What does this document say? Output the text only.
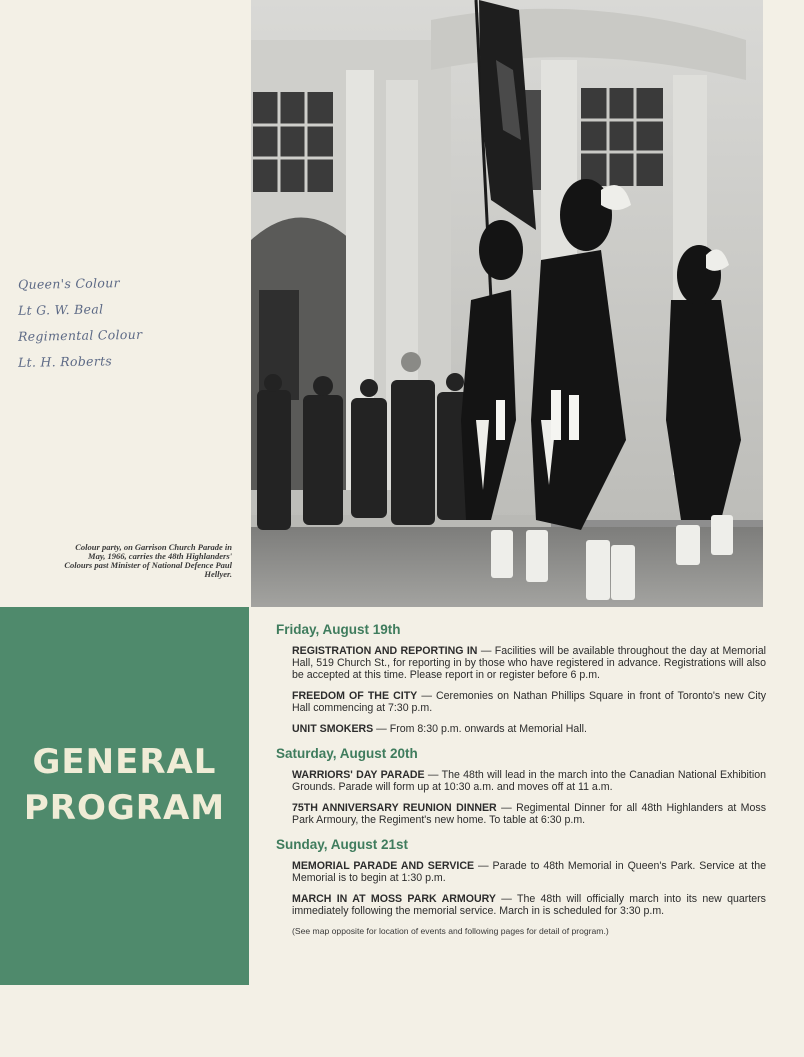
Queen's Colour
Lt G. W. Beal
Regimental Colour
Lt. H. Roberts
Colour party, on Garrison Church Parade in May, 1966, carries the 48th Highlanders' Colours past Minister of National Defence Paul Hellyer.
GENERAL
PROGRAM
Friday, August 19th
REGISTRATION AND REPORTING IN — Facilities will be available throughout the day at Memorial Hall, 519 Church St., for reporting in by those who have registered in advance. Registrations will also be accepted at this time. Please report in or register before 6 p.m.
FREEDOM OF THE CITY — Ceremonies on Nathan Phillips Square in front of Toronto's new City Hall commencing at 7:30 p.m.
UNIT SMOKERS — From 8:30 p.m. onwards at Memorial Hall.
Saturday, August 20th
WARRIORS' DAY PARADE — The 48th will lead in the march into the Canadian National Exhibition Grounds. Parade will form up at 10:30 a.m. and moves off at 11 a.m.
75TH ANNIVERSARY REUNION DINNER — Regimental Dinner for all 48th Highlanders at Moss Park Armoury, the Regiment's new home. To table at 6:30 p.m.
Sunday, August 21st
MEMORIAL PARADE AND SERVICE — Parade to 48th Memorial in Queen's Park. Service at the Memorial is to begin at 1:30 p.m.
MARCH IN AT MOSS PARK ARMOURY — The 48th will officially march into its new quarters immediately following the memorial service. March in is scheduled for 3:30 p.m.
(See map opposite for location of events and following pages for detail of program.)
